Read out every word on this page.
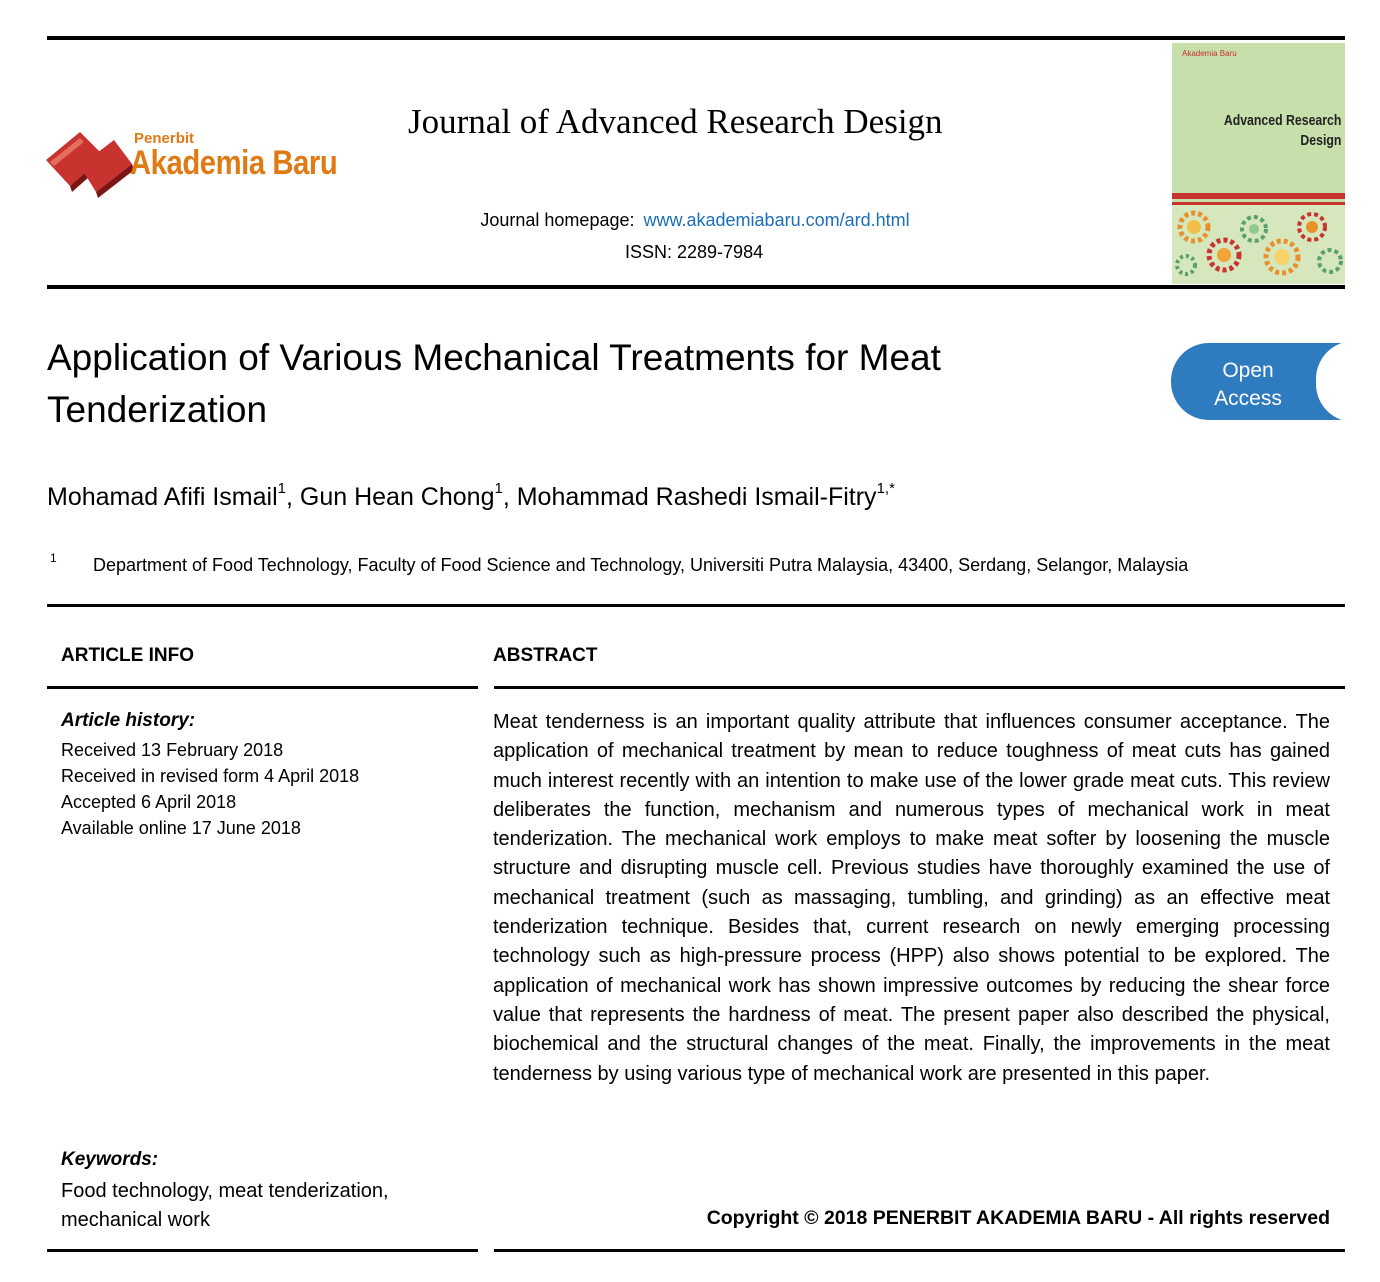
Penerbit
Akademia Baru
Journal of Advanced Research Design
Journal homepage: www.akademiabaru.com/ard.html
ISSN: 2289-7984
Akademia Baru
Advanced Research
Design
Application of Various Mechanical Treatments for Meat Tenderization
Open
Access
Mohamad Afifi Ismail$^1$, Gun Hean Chong$^1$, Mohammad Rashedi Ismail-Fitry$^{1,*}$
1 Department of Food Technology, Faculty of Food Science and Technology, Universiti Putra Malaysia, 43400, Serdang, Selangor, Malaysia
ARTICLE INFO	ABSTRACT
Article history:
Received 13 February 2018
Received in revised form 4 April 2018
Accepted 6 April 2018
Available online 17 June 2018

Meat tenderness is an important quality attribute that influences consumer acceptance. The application of mechanical treatment by mean to reduce toughness of meat cuts has gained much interest recently with an intention to make use of the lower grade meat cuts. This review deliberates the function, mechanism and numerous types of mechanical work in meat tenderization. The mechanical work employs to make meat softer by loosening the muscle structure and disrupting muscle cell. Previous studies have thoroughly examined the use of mechanical treatment (such as massaging, tumbling, and grinding) as an effective meat tenderization technique. Besides that, current research on newly emerging processing technology such as high-pressure process (HPP) also shows potential to be explored. The application of mechanical work has shown impressive outcomes by reducing the shear force value that represents the hardness of meat. The present paper also described the physical, biochemical and the structural changes of the meat. Finally, the improvements in the meat tenderness by using various type of mechanical work are presented in this paper.

Keywords:
Food technology, meat tenderization, mechanical work	Copyright © 2018 PENERBIT AKADEMIA BARU - All rights reserved
